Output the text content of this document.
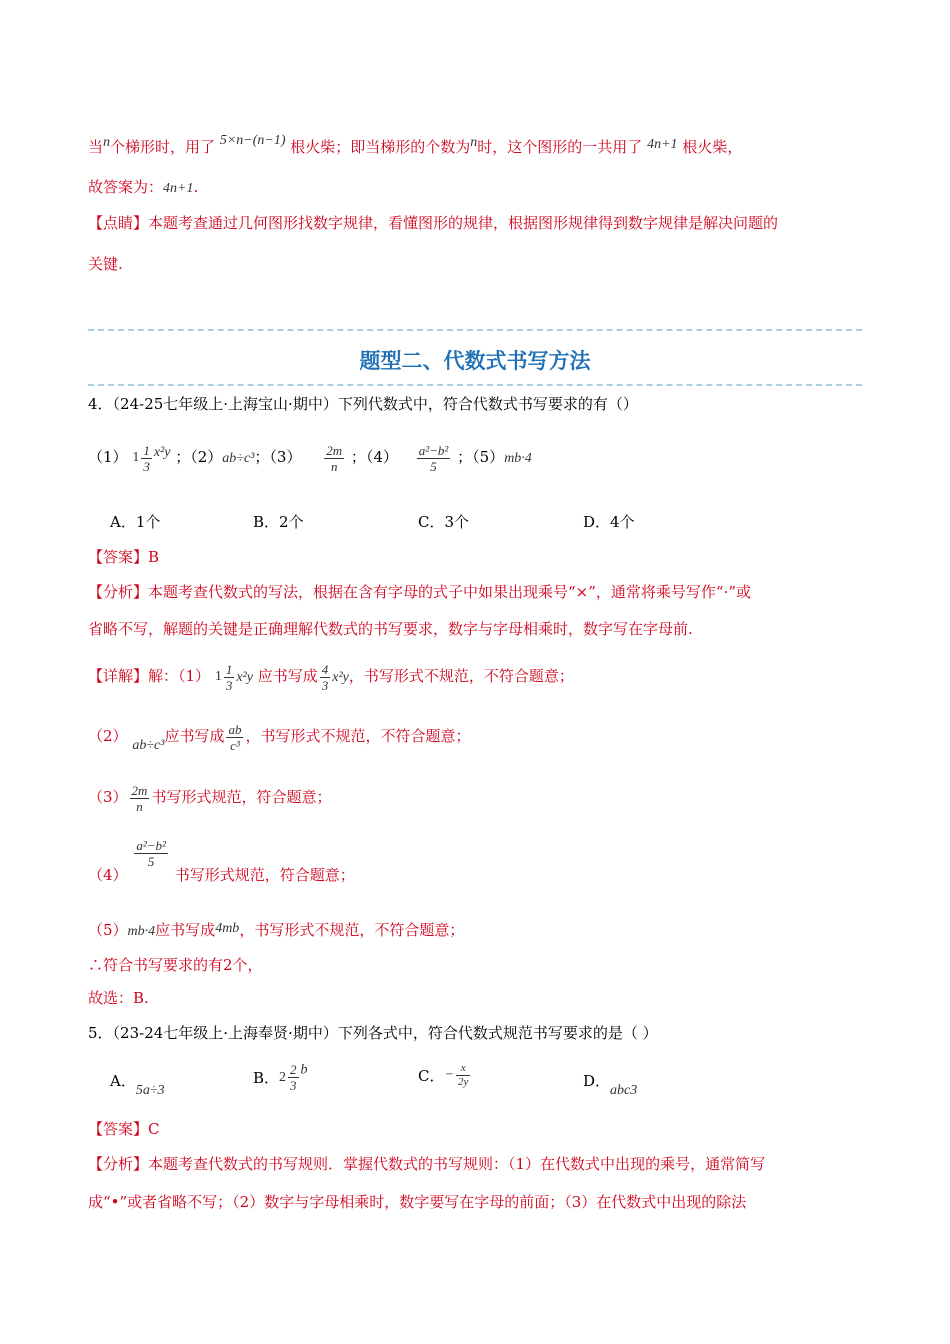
当n个梯形时，用了 5×n−(n−1) 根火柴；即当梯形的个数为n时，这个图形的一共用了 4n+1 根火柴，
故答案为：4n+1.
【点睛】本题考查通过几何图形找数字规律，看懂图形的规律，根据图形规律得到数字规律是解决问题的
关键.
题型二、代数式书写方法
4．（24-25七年级上·上海宝山·期中）下列代数式中，符合代数式书写要求的有（）
（1） $1 \frac{1}{3} x^2y$ ；（2）ab÷c³；$(3) \frac{2m}{n}$ ；$(4) \frac{\text{a²−b²}}{5}$ ；（5）mb·4
A．1个	B．2个	C．3个	D．4个
【答案】B
【分析】本题考查代数式的写法，根据在含有字母的式子中如果出现乘号“×”，通常将乘号写作“·”或
省略不写，解题的关键是正确理解代数式的书写要求，数字与字母相乘时，数字写在字母前.
【详解】解：（1） $1 \frac{1}{3} x^2y$ 应书写成 $\frac{4}{3} x^2y$，书写形式不规范，不符合题意；
（2） ab÷c³应书写成 $\frac{ab}{\text{c³}}$ ，书写形式不规范，不符合题意；
$(3) \frac{2m}{n}$ 书写形式规范，符合题意；
（4）
$\frac{\text{a²−b²}}{5}$
书写形式规范，符合题意；
（5）mb·4应书写成4mb，书写形式不规范，不符合题意；
∴符合书写要求的有2个，
故选：B.
5．（23-24七年级上·上海奉贤·期中）下列各式中，符合代数式规范书写要求的是（ ）
A．5a÷3
B．$2 \frac{2}{3}$ b	C．− $\frac{x}{2y}$	D．abc3
【答案】C
【分析】本题考查代数式的书写规则．掌握代数式的书写规则：（1）在代数式中出现的乘号，通常简写
成“•”或者省略不写；（2）数字与字母相乘时，数字要写在字母的前面；（3）在代数式中出现的除法
